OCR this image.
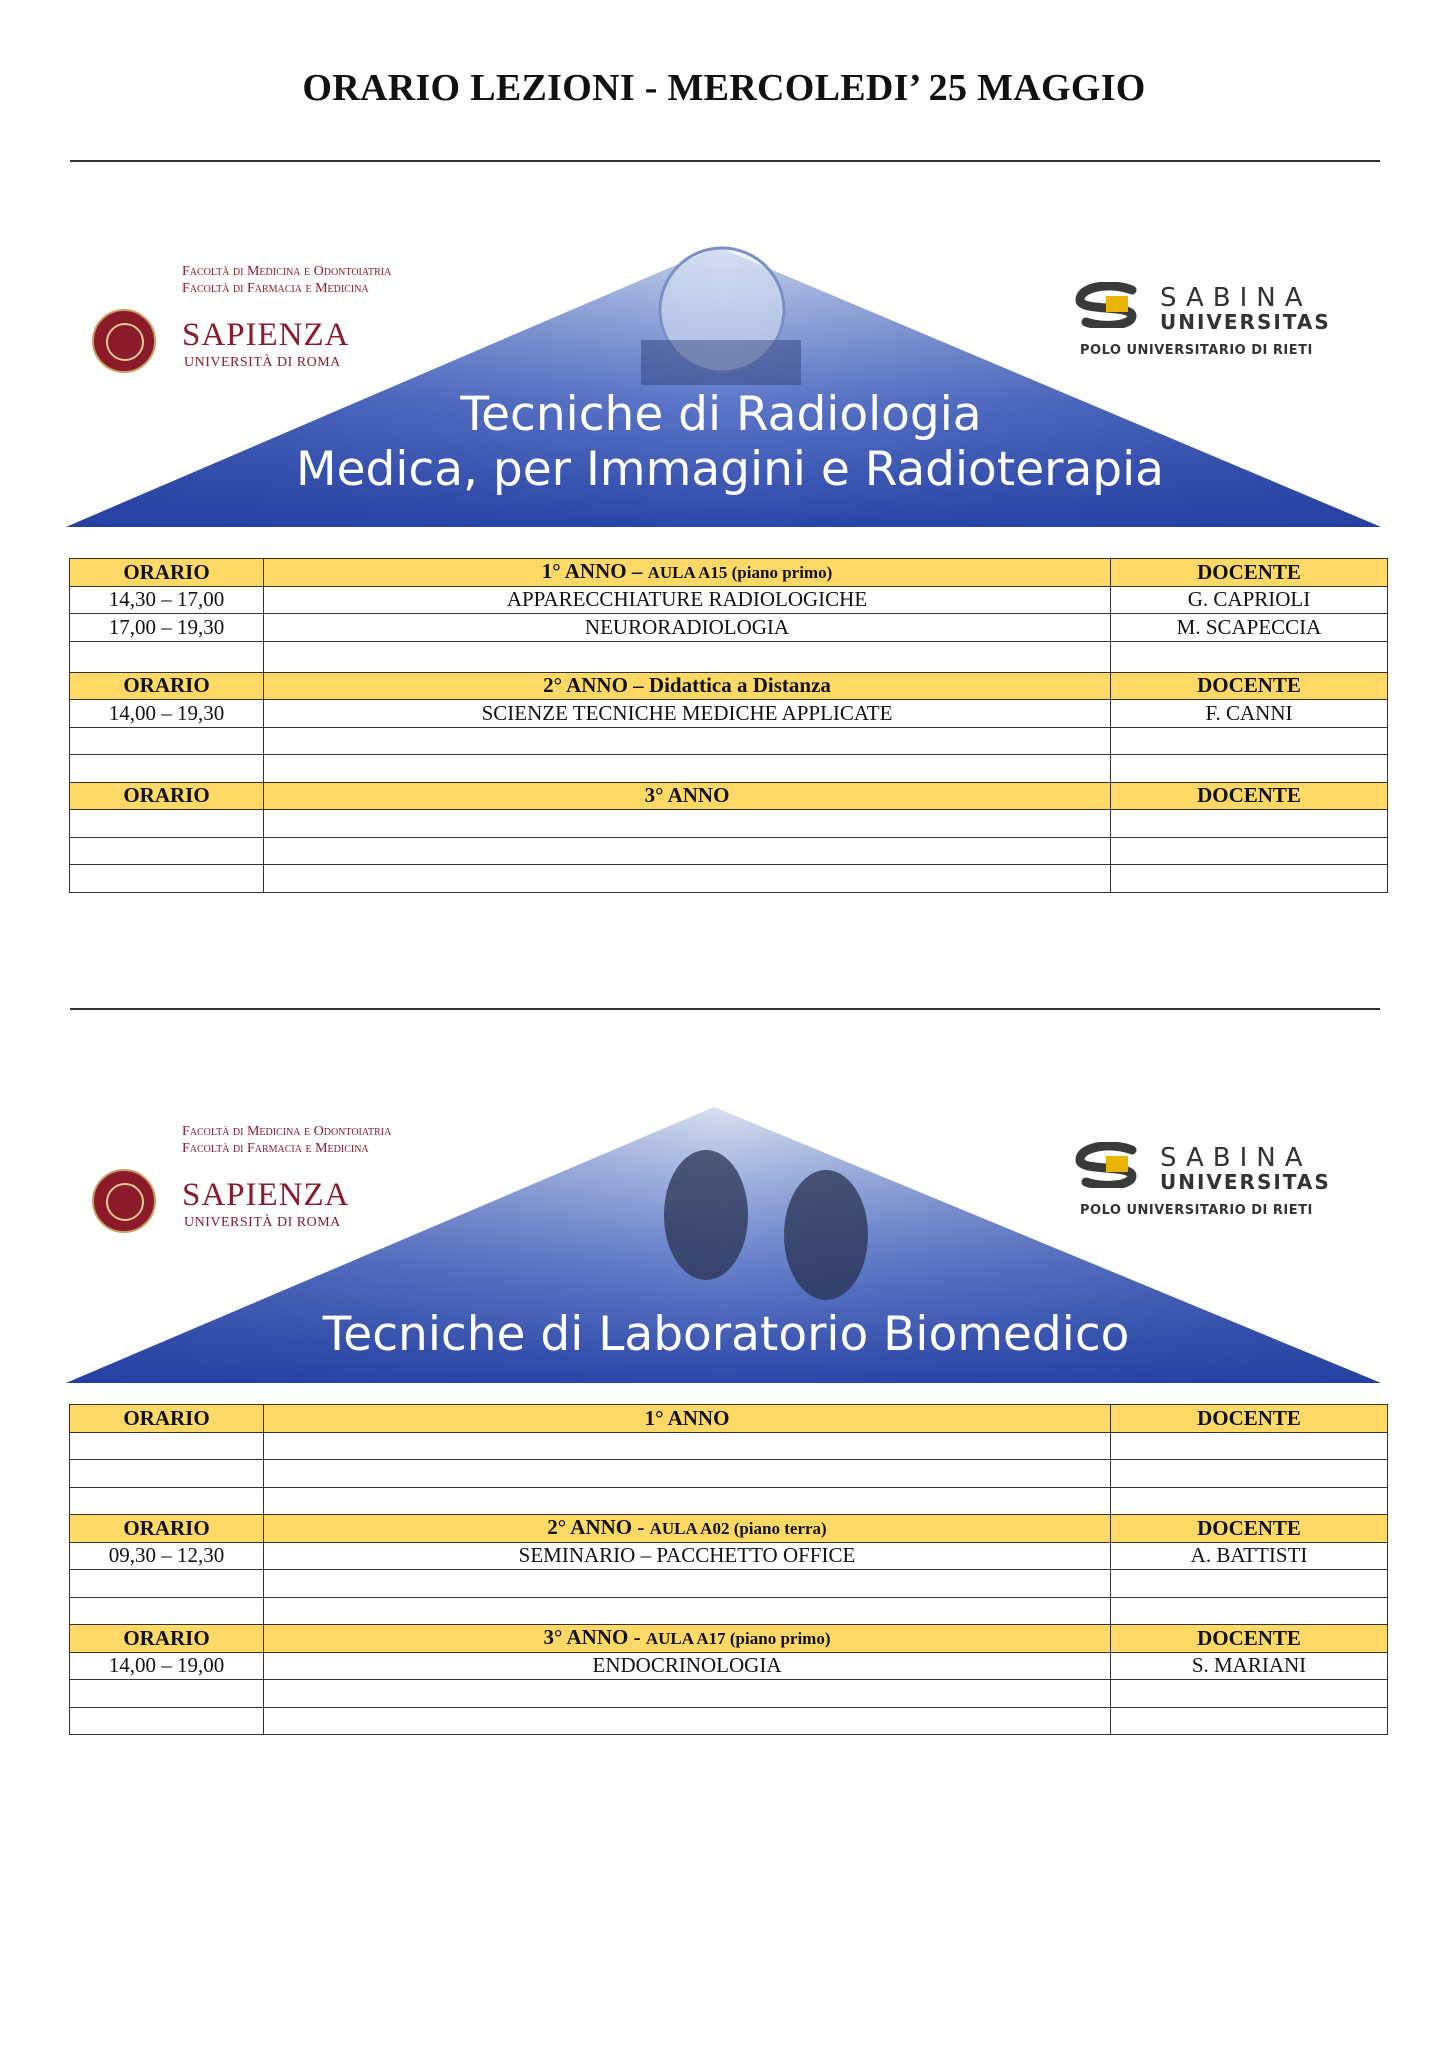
ORARIO LEZIONI - MERCOLEDI’ 25 MAGGIO
Tecniche di Radiologia
Medica, per Immagini e Radioterapia
Facoltà di Medicina e Odontoiatria
Facoltà di Farmacia e Medicina
SAPIENZA
UNIVERSITÀ DI ROMA
SABINA
UNIVERSITAS
POLO UNIVERSITARIO DI RIETI
ORARIO	1° ANNO – AULA A15 (piano primo)	DOCENTE
14,30 – 17,00	APPARECCHIATURE RADIOLOGICHE	G. CAPRIOLI
17,00 – 19,30	NEURORADIOLOGIA	M. SCAPECCIA

ORARIO	2° ANNO – Didattica a Distanza	DOCENTE
14,00 – 19,30	SCIENZE TECNICHE MEDICHE APPLICATE	F. CANNI

ORARIO	3° ANNO	DOCENTE

Tecniche di Laboratorio Biomedico
Facoltà di Medicina e Odontoiatria
Facoltà di Farmacia e Medicina
SAPIENZA
UNIVERSITÀ DI ROMA
SABINA
UNIVERSITAS
POLO UNIVERSITARIO DI RIETI
ORARIO	1° ANNO	DOCENTE

ORARIO	2° ANNO - AULA A02 (piano terra)	DOCENTE
09,30 – 12,30	SEMINARIO – PACCHETTO OFFICE	A. BATTISTI

ORARIO	3° ANNO - AULA A17 (piano primo)	DOCENTE
14,00 – 19,00	ENDOCRINOLOGIA	S. MARIANI
